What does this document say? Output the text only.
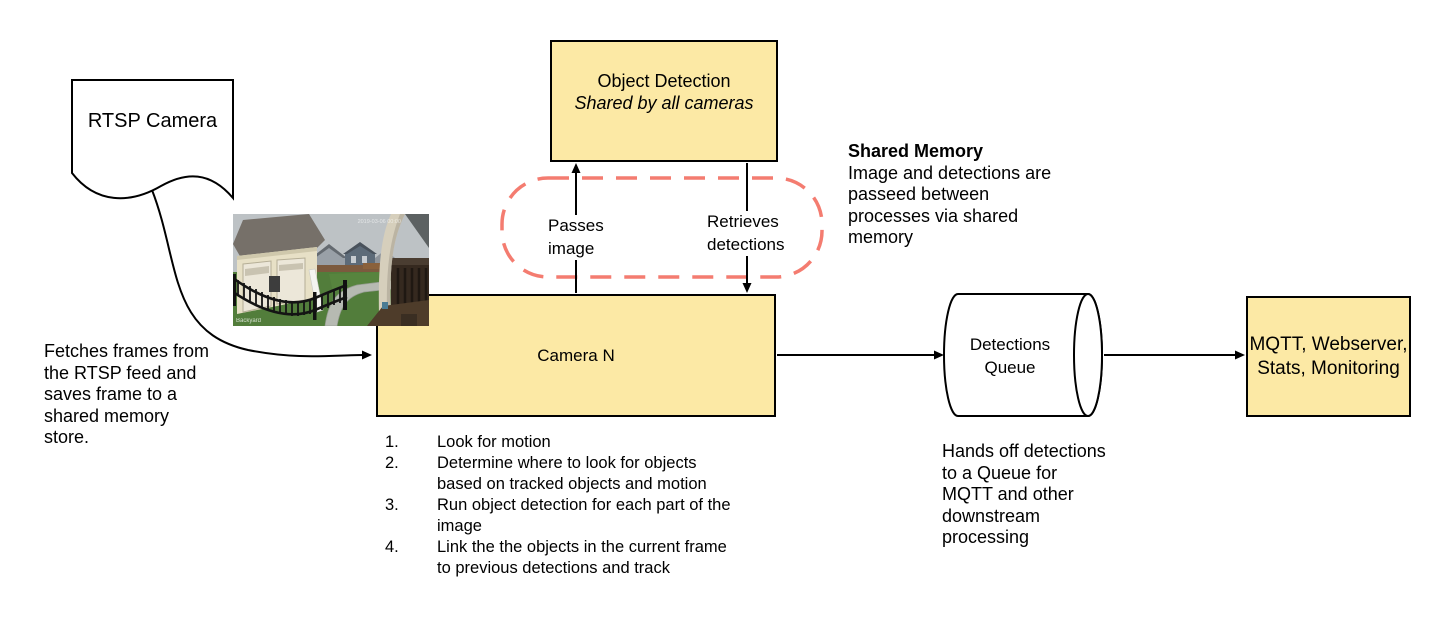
RTSP Camera
Object Detection
Shared by all cameras
Camera N
MQTT, Webserver,
Stats, Monitoring
Detections
Queue
Passes
image
Retrieves
detections
Fetches frames from
the RTSP feed and
saves frame to a
shared memory
store.
Shared Memory
Image and detections are
passeed between
processes via shared
memory
Hands off detections
to a Queue for
MQTT and other
downstream
processing
1. Look for motion
2. Determine where to look for objects
based on tracked objects and motion
3. Run object detection for each part of the
image
4. Link the the objects in the current frame
to previous detections and track
Backyard
2019-03-06 00:00
